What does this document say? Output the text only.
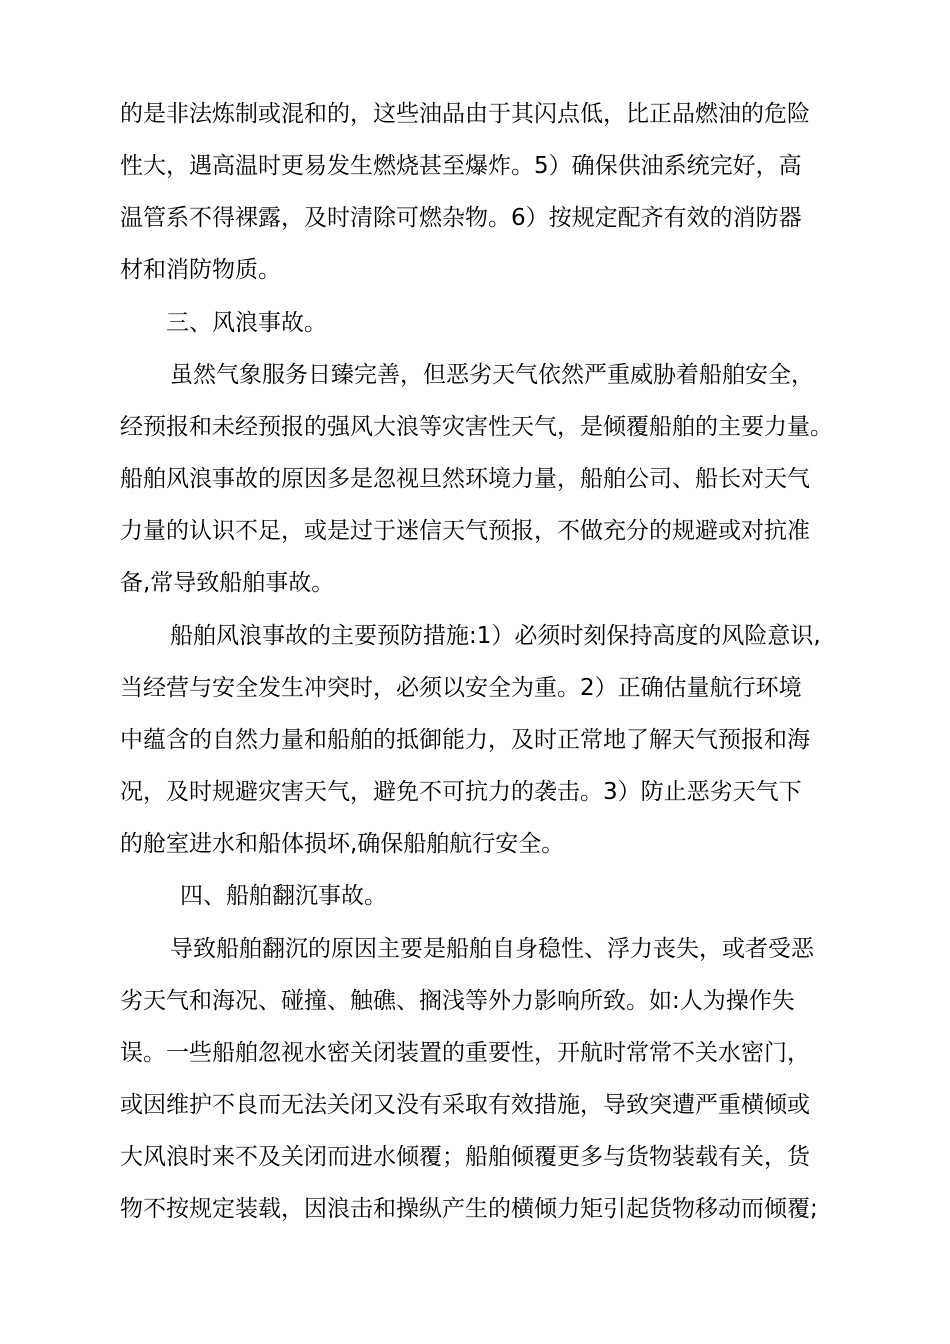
的是非法炼制或混和的，这些油品由于其闪点低，比正品燃油的危险
性大，遇高温时更易发生燃烧甚至爆炸。5）确保供油系统完好，高
温管系不得裸露，及时清除可燃杂物。6）按规定配齐有效的消防器
材和消防物质。
三、风浪事故。
虽然气象服务日臻完善，但恶劣天气依然严重威胁着船舶安全，
经预报和未经预报的强风大浪等灾害性天气，是倾覆船舶的主要力量。
船舶风浪事故的原因多是忽视旦然环境力量，船舶公司、船长对天气
力量的认识不足，或是过于迷信天气预报，不做充分的规避或对抗准
备,常导致船舶事故。
船舶风浪事故的主要预防措施:1）必须时刻保持高度的风险意识,
当经营与安全发生冲突时，必须以安全为重。2）正确估量航行环境
中蕴含的自然力量和船舶的抵御能力，及时正常地了解天气预报和海
况，及时规避灾害天气，避免不可抗力的袭击。3）防止恶劣天气下
的舱室进水和船体损坏,确保船舶航行安全。
四、船舶翻沉事故。
导致船舶翻沉的原因主要是船舶自身稳性、浮力丧失，或者受恶
劣天气和海况、碰撞、触礁、搁浅等外力影响所致。如:人为操作失
误。一些船舶忽视水密关闭装置的重要性，开航时常常不关水密门，
或因维护不良而无法关闭又没有采取有效措施，导致突遭严重横倾或
大风浪时来不及关闭而进水倾覆；船舶倾覆更多与货物装载有关，货
物不按规定装载，因浪击和操纵产生的横倾力矩引起货物移动而倾覆;
